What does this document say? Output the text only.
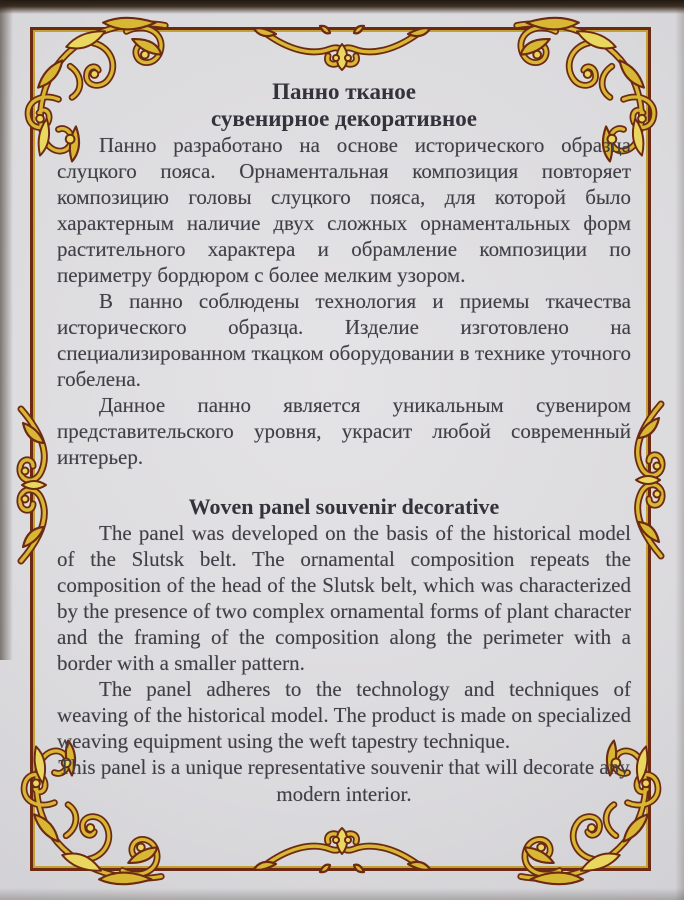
Панно тканое
сувенирное декоративное

Панно разработано на основе исторического образца слуцкого пояса. Орнаментальная композиция повторяет композицию головы слуцкого пояса, для которой было характерным наличие двух сложных орнаментальных форм растительного характера и обрамление композиции по периметру бордюром с более мелким узором.

В панно соблюдены технология и приемы ткачества исторического образца. Изделие изготовлено на специализированном ткацком оборудовании в технике уточного гобелена.

Данное панно является уникальным сувениром представительского уровня, украсит любой современный интерьер.

Woven panel souvenir decorative

The panel was developed on the basis of the historical model of the Slutsk belt. The ornamental composition repeats the composition of the head of the Slutsk belt, which was characterized by the presence of two complex ornamental forms of plant character and the framing of the composition along the perimeter with a border with a smaller pattern.

The panel adheres to the technology and techniques of weaving of the historical model. The product is made on specialized weaving equipment using the weft tapestry technique.

This panel is a unique representative souvenir that will decorate any modern interior.
